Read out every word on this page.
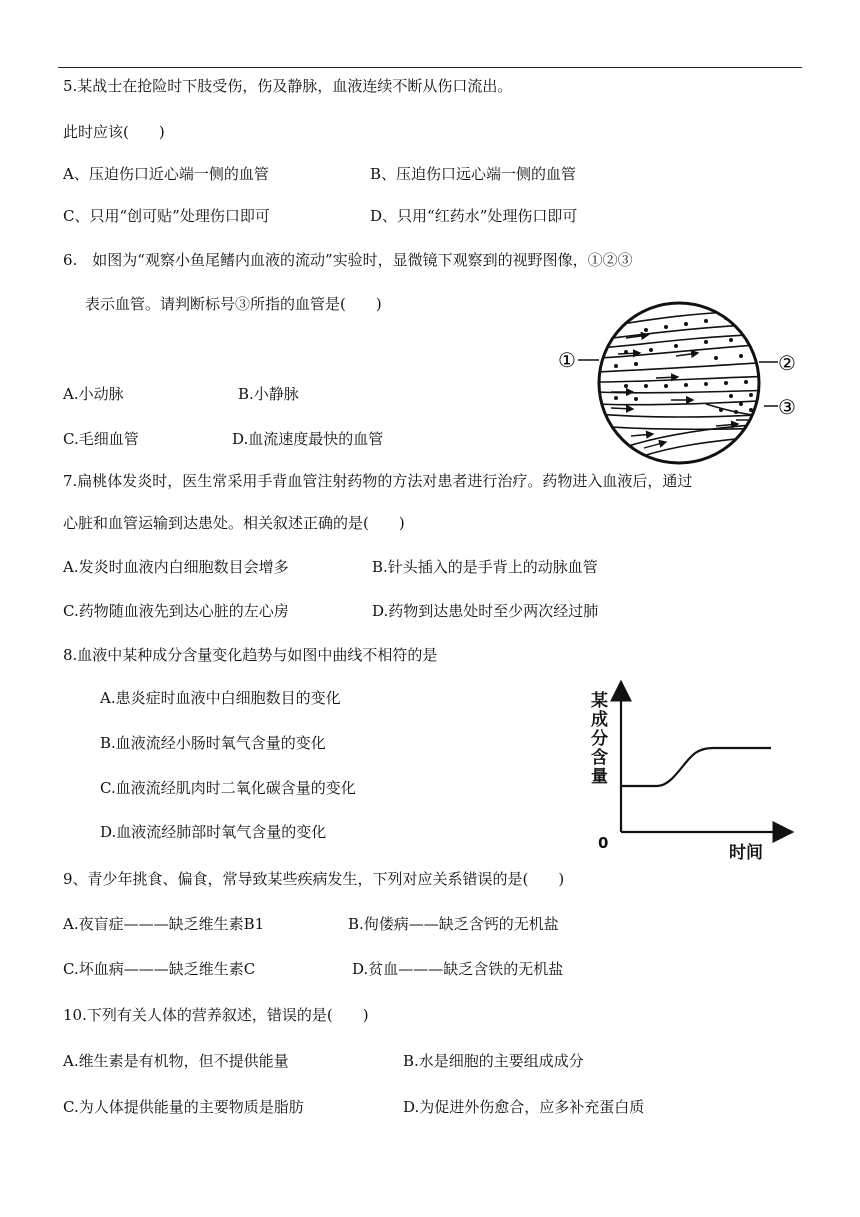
5.某战士在抢险时下肢受伤，伤及静脉，血液连续不断从伤口流出。
此时应该(　　)
A、压迫伤口近心端一侧的血管	B、压迫伤口远心端一侧的血管
C、只用“创可贴”处理伤口即可	D、只用“红药水”处理伤口即可
6.　如图为“观察小鱼尾鳍内血液的流动”实验时，显微镜下观察到的视野图像，①②③
表示血管。请判断标号③所指的血管是(　　)
A.小动脉	B.小静脉
C.毛细血管	D.血流速度最快的血管
①	②
③
7.扁桃体发炎时，医生常采用手背血管注射药物的方法对患者进行治疗。药物进入血液后，通过
心脏和血管运输到达患处。相关叙述正确的是(　　)
A.发炎时血液内白细胞数目会增多	B.针头插入的是手背上的动脉血管
C.药物随血液先到达心脏的左心房	D.药物到达患处时至少两次经过肺
8.血液中某种成分含量变化趋势与如图中曲线不相符的是
A.患炎症时血液中白细胞数目的变化
B.血液流经小肠时氧气含量的变化
C.血液流经肌肉时二氧化碳含量的变化
D.血液流经肺部时氧气含量的变化
某成分含量
0	时间
9、青少年挑食、偏食，常导致某些疾病发生，下列对应关系错误的是(　　)
A.夜盲症———缺乏维生素B1	B.佝偻病——缺乏含钙的无机盐
C.坏血病———缺乏维生素C	D.贫血———缺乏含铁的无机盐
10.下列有关人体的营养叙述，错误的是(　　)
A.维生素是有机物，但不提供能量	B.水是细胞的主要组成成分
C.为人体提供能量的主要物质是脂肪	D.为促进外伤愈合，应多补充蛋白质
